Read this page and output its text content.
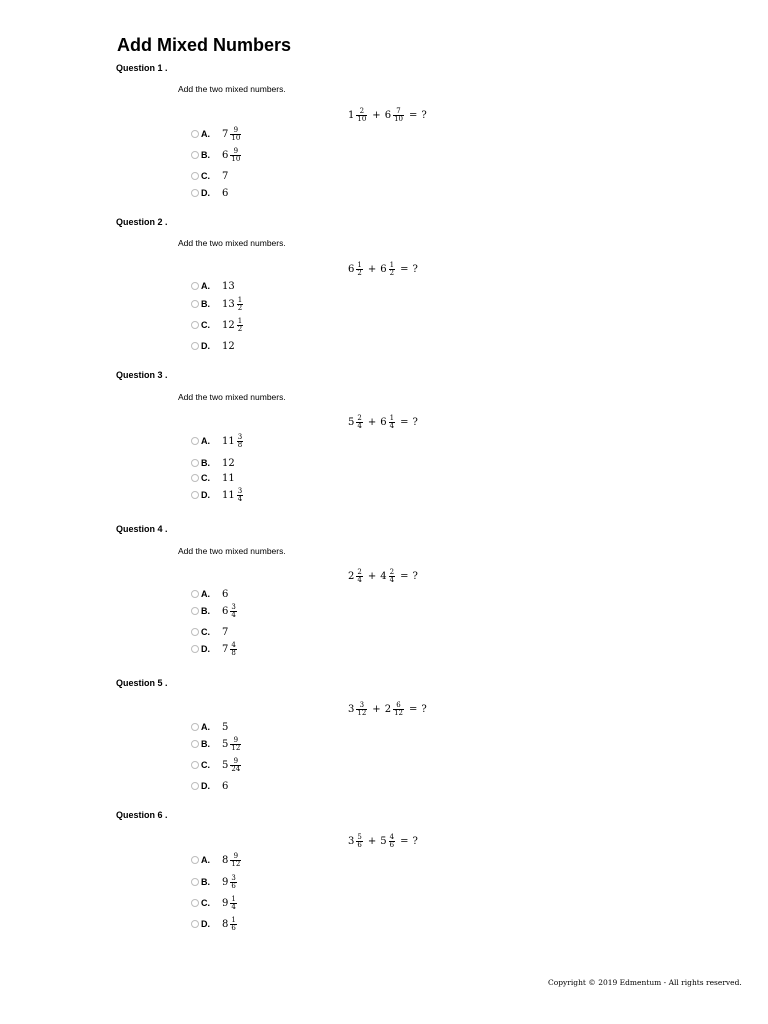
Add Mixed Numbers
Question 1 .
Add the two mixed numbers.
$1 \frac{2}{10} + 6 \frac{7}{10}$ = ?
A.	$7 \frac{9}{10}$
B.	$6 \frac{9}{10}$
C.	7
D.	6
Question 2 .
Add the two mixed numbers.
$6 \frac{1}{2} + 6 \frac{1}{2}$ = ?
A.	13
B.	$13 \frac{1}{2}$
C.	$12 \frac{1}{2}$
D.	12
Question 3 .
Add the two mixed numbers.
$5 \frac{2}{4} + 6 \frac{1}{4}$ = ?
A.	$11 \frac{3}{8}$
B.	12
C.	11
D.	$11 \frac{3}{4}$
Question 4 .
Add the two mixed numbers.
$2 \frac{2}{4} + 4 \frac{2}{4}$ = ?
A.	6
B.	$6 \frac{3}{4}$
C.	7
D.	$7 \frac{4}{8}$
Question 5 .
$3 \frac{3}{12} + 2 \frac{6}{12}$ = ?
A.	5
B.	$5 \frac{9}{12}$
C.	$5 \frac{9}{24}$
D.	6
Question 6 .
$3 \frac{5}{6} + 5 \frac{4}{6}$ = ?
A.	$8 \frac{9}{12}$
B.	$9 \frac{3}{6}$
C.	$9 \frac{1}{4}$
D.	$8 \frac{1}{6}$
Copyright © 2019 Edmentum - All rights reserved.
